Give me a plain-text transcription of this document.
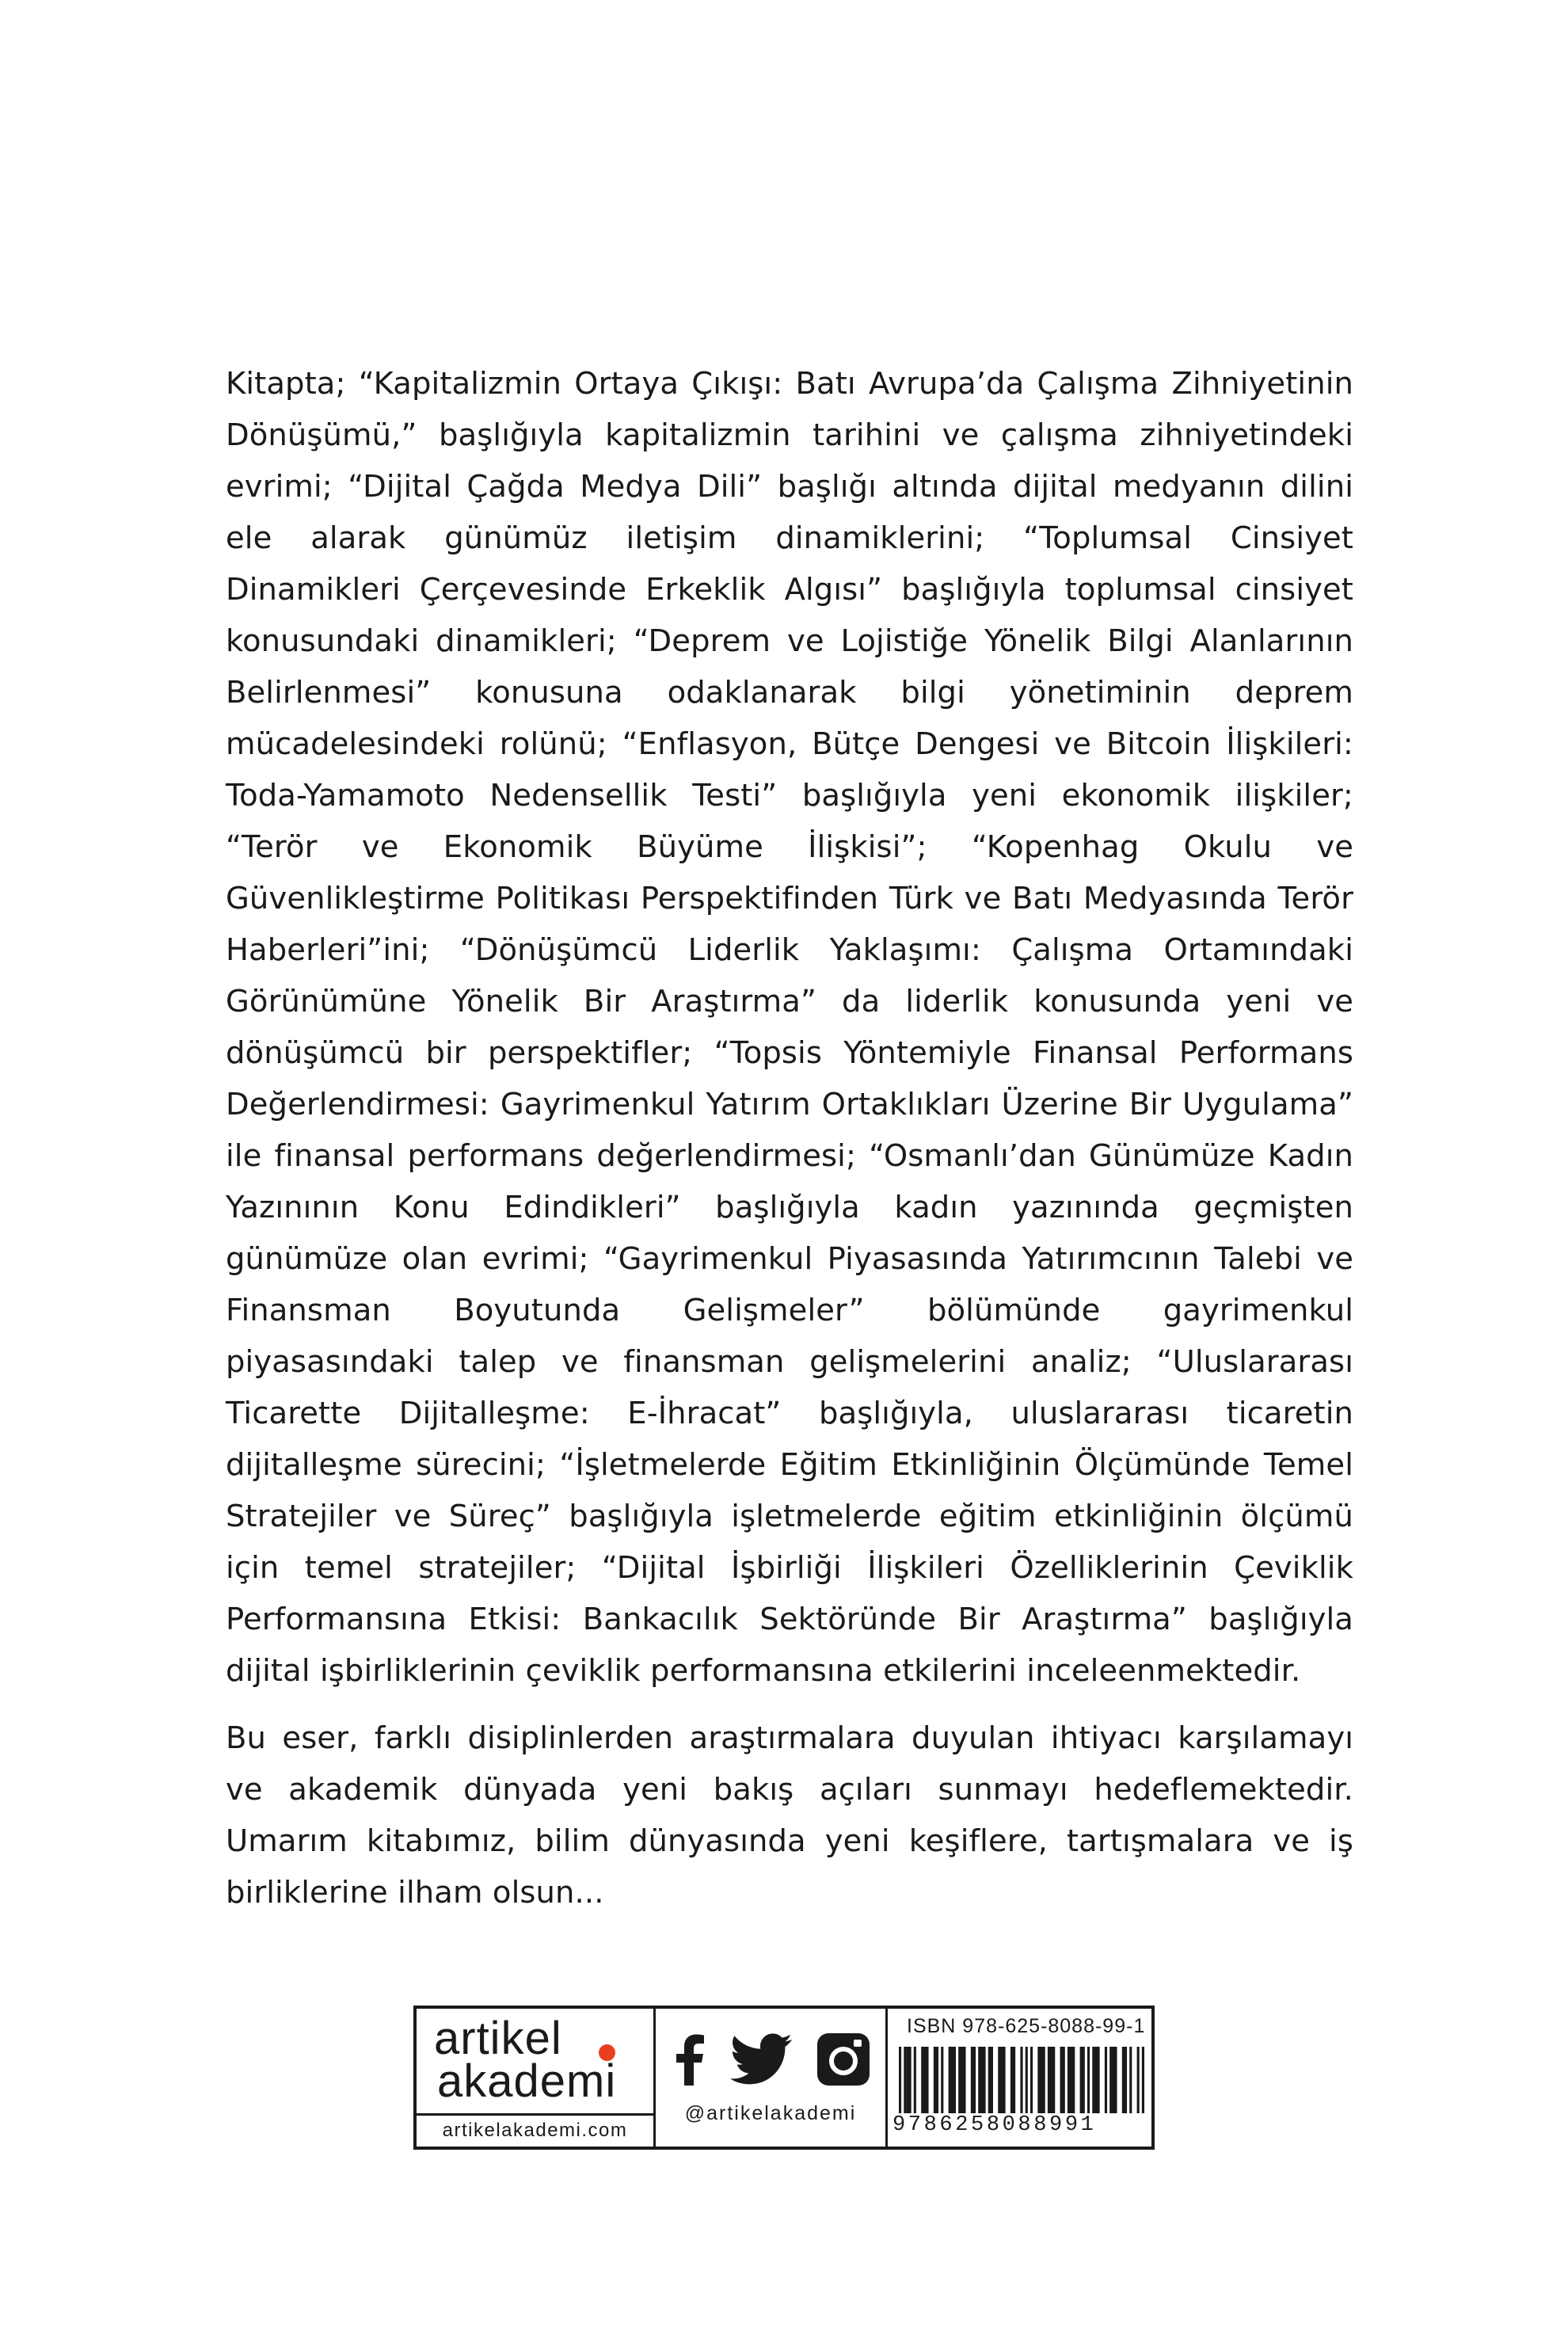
Kitapta; “Kapitalizmin Ortaya Çıkışı: Batı Avrupa’da Çalışma Zihniyetinin Dönüşümü,” başlığıyla kapitalizmin tarihini ve çalışma zihniyetindeki evrimi; “Dijital Çağda Medya Dili” başlığı altında dijital medyanın dilini ele alarak günümüz iletişim dinamiklerini; “Toplumsal Cinsiyet Dinamikleri Çerçevesinde Erkeklik Algısı” başlığıyla toplumsal cinsiyet konusundaki dinamikleri; “Deprem ve Lojistiğe Yönelik Bilgi Alanlarının Belirlenmesi” konusuna odaklanarak bilgi yönetiminin deprem mücadelesindeki rolünü; “Enflasyon, Bütçe Dengesi ve Bitcoin İlişkileri: Toda-Yamamoto Nedensellik Testi” başlığıyla yeni ekonomik ilişkiler; “Terör ve Ekonomik Büyüme İlişkisi”; “Kopenhag Okulu ve Güvenlikleştirme Politikası Perspektifinden Türk ve Batı Medyasında Terör Haberleri”ini; “Dönüşümcü Liderlik Yaklaşımı: Çalışma Ortamındaki Görünümüne Yönelik Bir Araştırma” da liderlik konusunda yeni ve dönüşümcü bir perspektifler; “Topsis Yöntemiyle Finansal Performans Değerlendirmesi: Gayrimenkul Yatırım Ortaklıkları Üzerine Bir Uygulama” ile finansal performans değerlendirmesi; “Osmanlı’dan Günümüze Kadın Yazınının Konu Edindikleri” başlığıyla kadın yazınında geçmişten günümüze olan evrimi; “Gayrimenkul Piyasasında Yatırımcının Talebi ve Finansman Boyutunda Gelişmeler” bölümünde gayrimenkul piyasasındaki talep ve finansman gelişmelerini analiz; “Uluslararası Ticarette Dijitalleşme: E-İhracat” başlığıyla, uluslararası ticaretin dijitalleşme sürecini; “İşletmelerde Eğitim Etkinliğinin Ölçümünde Temel Stratejiler ve Süreç” başlığıyla işletmelerde eğitim etkinliğinin ölçümü için temel stratejiler; “Dijital İşbirliği İlişkileri Özelliklerinin Çeviklik Performansına Etkisi: Bankacılık Sektöründe Bir Araştırma” başlığıyla dijital işbirliklerinin çeviklik performansına etkilerini inceleenmektedir.

Bu eser, farklı disiplinlerden araştırmalara duyulan ihtiyacı karşılamayı ve akademik dünyada yeni bakış açıları sunmayı hedeflemektedir. Umarım kitabımız, bilim dünyasında yeni keşiflere, tartışmalara ve iş birliklerine ilham olsun...

artikel
akademi
artikelakademi.com
@artikelakademi
ISBN 978-625-8088-99-1
9786258088991
